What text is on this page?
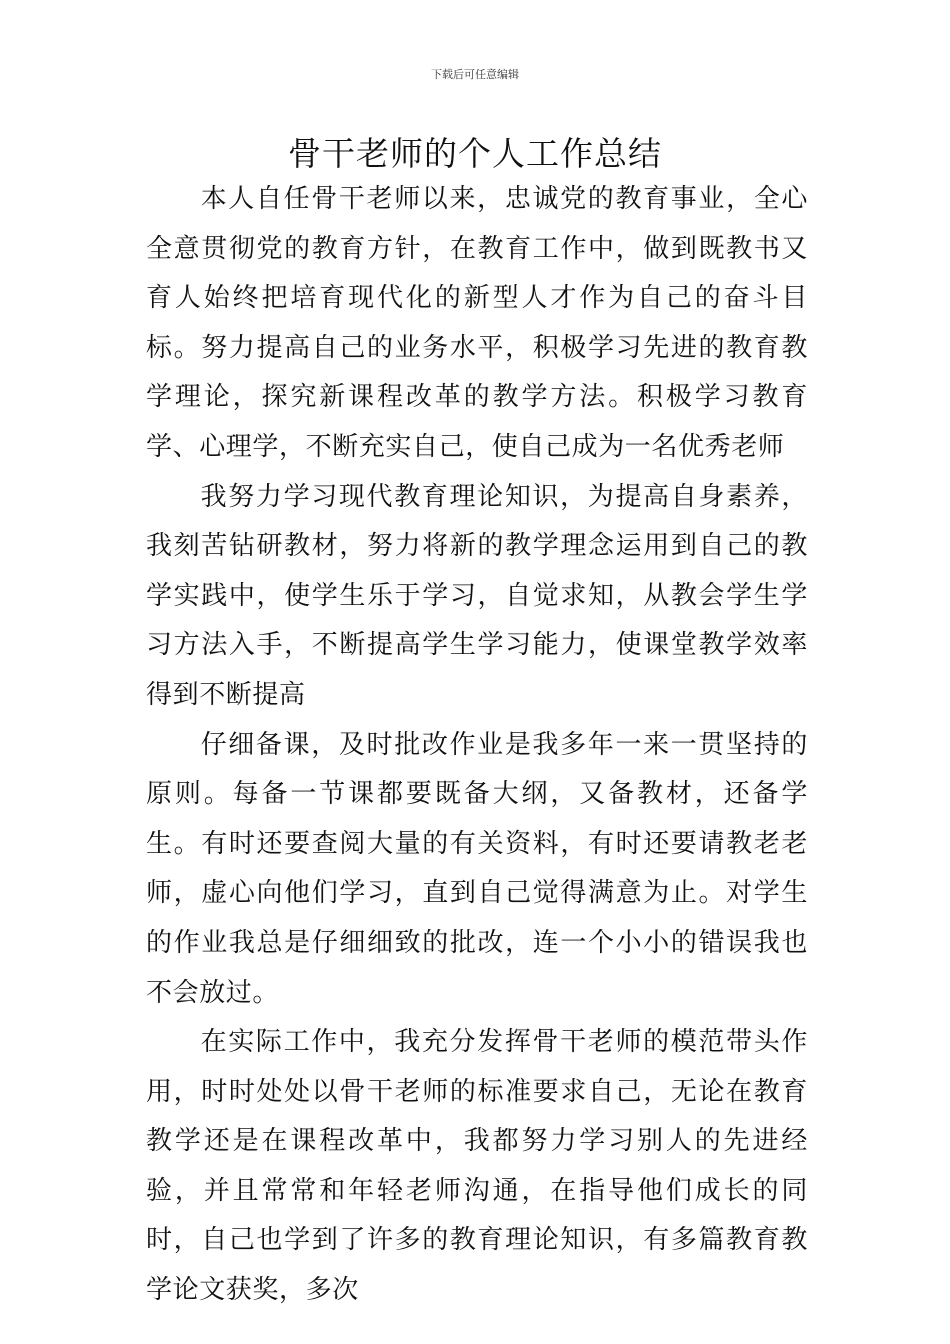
下载后可任意编辑
骨干老师的个人工作总结

本人自任骨干老师以来，忠诚党的教育事业，全心全意贯彻党的教育方针，在教育工作中，做到既教书又育人始终把培育现代化的新型人才作为自己的奋斗目标。努力提高自己的业务水平，积极学习先进的教育教学理论，探究新课程改革的教学方法。积极学习教育学、心理学，不断充实自己，使自己成为一名优秀老师

我努力学习现代教育理论知识，为提高自身素养，我刻苦钻研教材，努力将新的教学理念运用到自己的教学实践中，使学生乐于学习，自觉求知，从教会学生学习方法入手，不断提高学生学习能力，使课堂教学效率得到不断提高

仔细备课，及时批改作业是我多年一来一贯坚持的原则。每备一节课都要既备大纲，又备教材，还备学生。有时还要查阅大量的有关资料，有时还要请教老老师，虚心向他们学习，直到自己觉得满意为止。对学生的作业我总是仔细细致的批改，连一个小小的错误我也不会放过。

在实际工作中，我充分发挥骨干老师的模范带头作用，时时处处以骨干老师的标准要求自己，无论在教育教学还是在课程改革中，我都努力学习别人的先进经验，并且常常和年轻老师沟通，在指导他们成长的同时，自己也学到了许多的教育理论知识，有多篇教育教学论文获奖，多次
